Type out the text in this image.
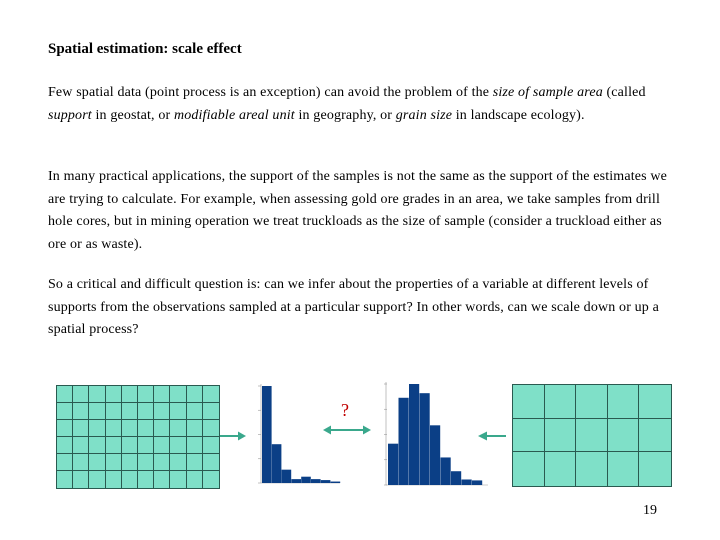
Spatial estimation: scale effect

Few spatial data (point process is an exception) can avoid the problem of the size of sample area (called support in geostat, or modifiable areal unit in geography, or grain size in landscape ecology).

In many practical applications, the support of the samples is not the same as the support of the estimates we are trying to calculate. For example, when assessing gold ore grades in an area, we take samples from drill hole cores, but in mining operation we treat truckloads as the size of sample (consider a truckload either as ore or as waste).

So a critical and difficult question is: can we infer about the properties of a variable at different levels of supports from the observations sampled at a particular support? In other words, can we scale down or up a spatial process?

?
19
